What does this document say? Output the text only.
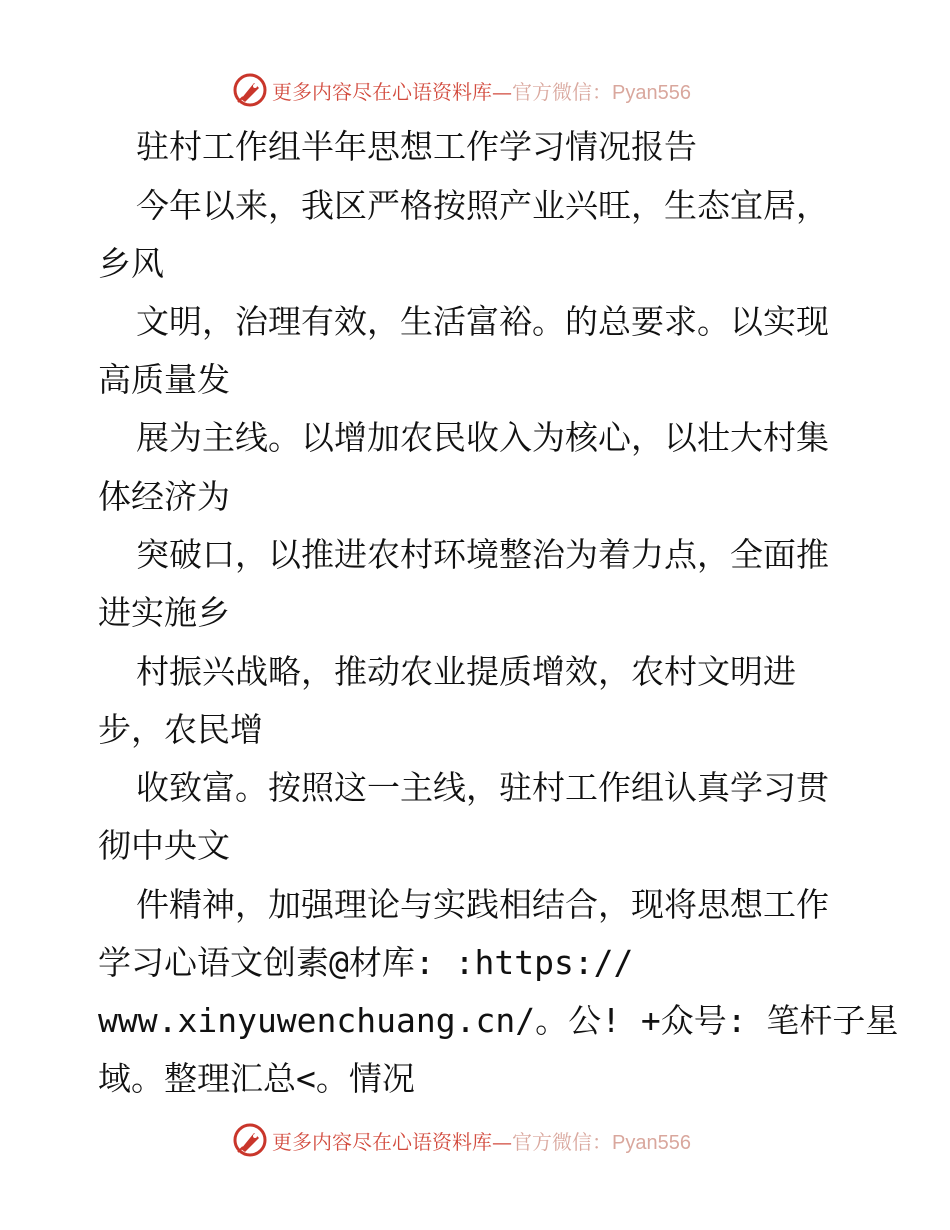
更多内容尽在心语资料库—官方微信：Pyan556
驻村工作组半年思想工作学习情况报告
今年以来，我区严格按照产业兴旺，生态宜居，
乡风
文明，治理有效，生活富裕。的总要求。以实现
高质量发
展为主线。以增加农民收入为核心，以壮大村集
体经济为
突破口，以推进农村环境整治为着力点，全面推
进实施乡
村振兴战略，推动农业提质增效，农村文明进
步，农民增
收致富。按照这一主线，驻村工作组认真学习贯
彻中央文
件精神，加强理论与实践相结合，现将思想工作
学习心语文创素@材库: :https://
www.xinyuwenchuang.cn/。公! +众号: 笔杆子星
域。整理汇总<。情况
更多内容尽在心语资料库—官方微信：Pyan556
